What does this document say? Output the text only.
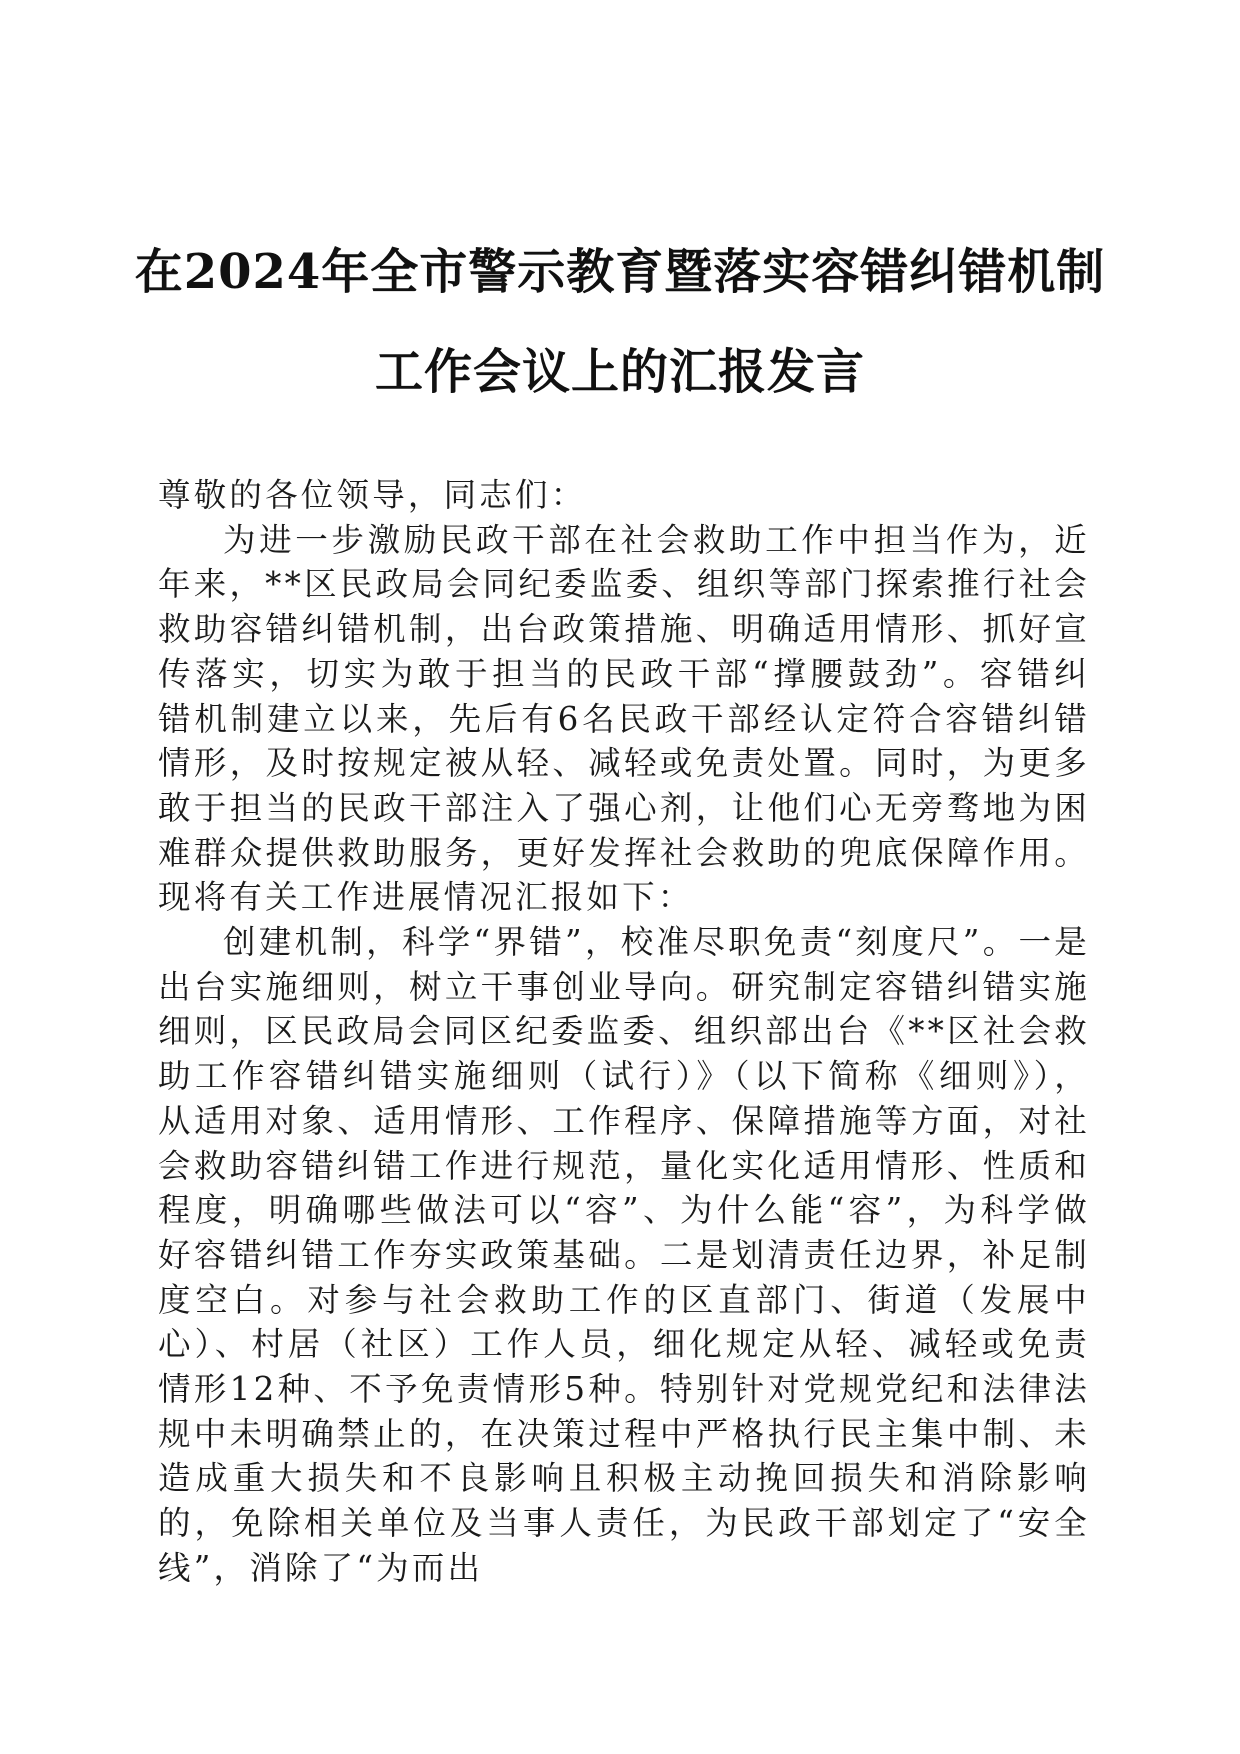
在2024年全市警示教育暨落实容错纠错机制
工作会议上的汇报发言

尊敬的各位领导，同志们：

为进一步激励民政干部在社会救助工作中担当作为，近年来，**区民政局会同纪委监委、组织等部门探索推行社会救助容错纠错机制，出台政策措施、明确适用情形、抓好宣传落实，切实为敢于担当的民政干部“撑腰鼓劲”。容错纠错机制建立以来，先后有6名民政干部经认定符合容错纠错情形，及时按规定被从轻、减轻或免责处置。同时，为更多敢于担当的民政干部注入了强心剂，让他们心无旁骛地为困难群众提供救助服务，更好发挥社会救助的兜底保障作用。现将有关工作进展情况汇报如下：

创建机制，科学“界错”，校准尽职免责“刻度尺”。一是出台实施细则，树立干事创业导向。研究制定容错纠错实施细则，区民政局会同区纪委监委、组织部出台《**区社会救助工作容错纠错实施细则（试行）》（以下简称《细则》），从适用对象、适用情形、工作程序、保障措施等方面，对社会救助容错纠错工作进行规范，量化实化适用情形、性质和程度，明确哪些做法可以“容”、为什么能“容”，为科学做好容错纠错工作夯实政策基础。二是划清责任边界，补足制度空白。对参与社会救助工作的区直部门、街道（发展中心）、村居（社区）工作人员，细化规定从轻、减轻或免责情形12种、不予免责情形5种。特别针对党规党纪和法律法规中未明确禁止的，在决策过程中严格执行民主集中制、未造成重大损失和不良影响且积极主动挽回损失和消除影响的，免除相关单位及当事人责任，为民政干部划定了“安全线”，消除了“为而出
